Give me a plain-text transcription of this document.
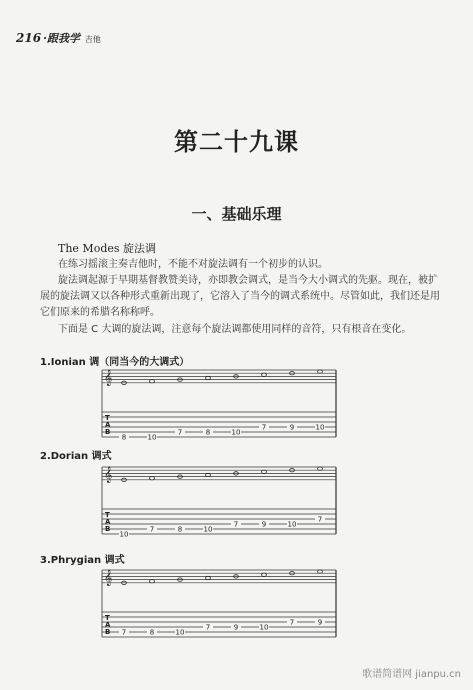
216 ·跟我学 吉他
第二十九课
一、基础乐理
The Modes 旋法调

在练习摇滚主奏吉他时，不能不对旋法调有一个初步的认识。

旋法调起源于早期基督教赞美诗，亦即教会调式，是当今大小调式的先驱。现在，被扩展的旋法调又以各种形式重新出现了，它溶入了当今的调式系统中。尽管如此，我们还是用它们原来的希腊名称称呼。

下面是 C 大调的旋法调，注意每个旋法调都使用同样的音符，只有根音在变化。

1.Ionian 调（同当今的大调式）
𝄞
T
A
B
8	10
7	8	10
7	9	10
2.Dorian 调式
𝄞
T
A
B
10
7	8	10
7	9	10
7
3.Phrygian 调式
𝄞
T
A
B 7	8	10
7	9	10
7	9
歌谱简谱网 jianpu.cn
